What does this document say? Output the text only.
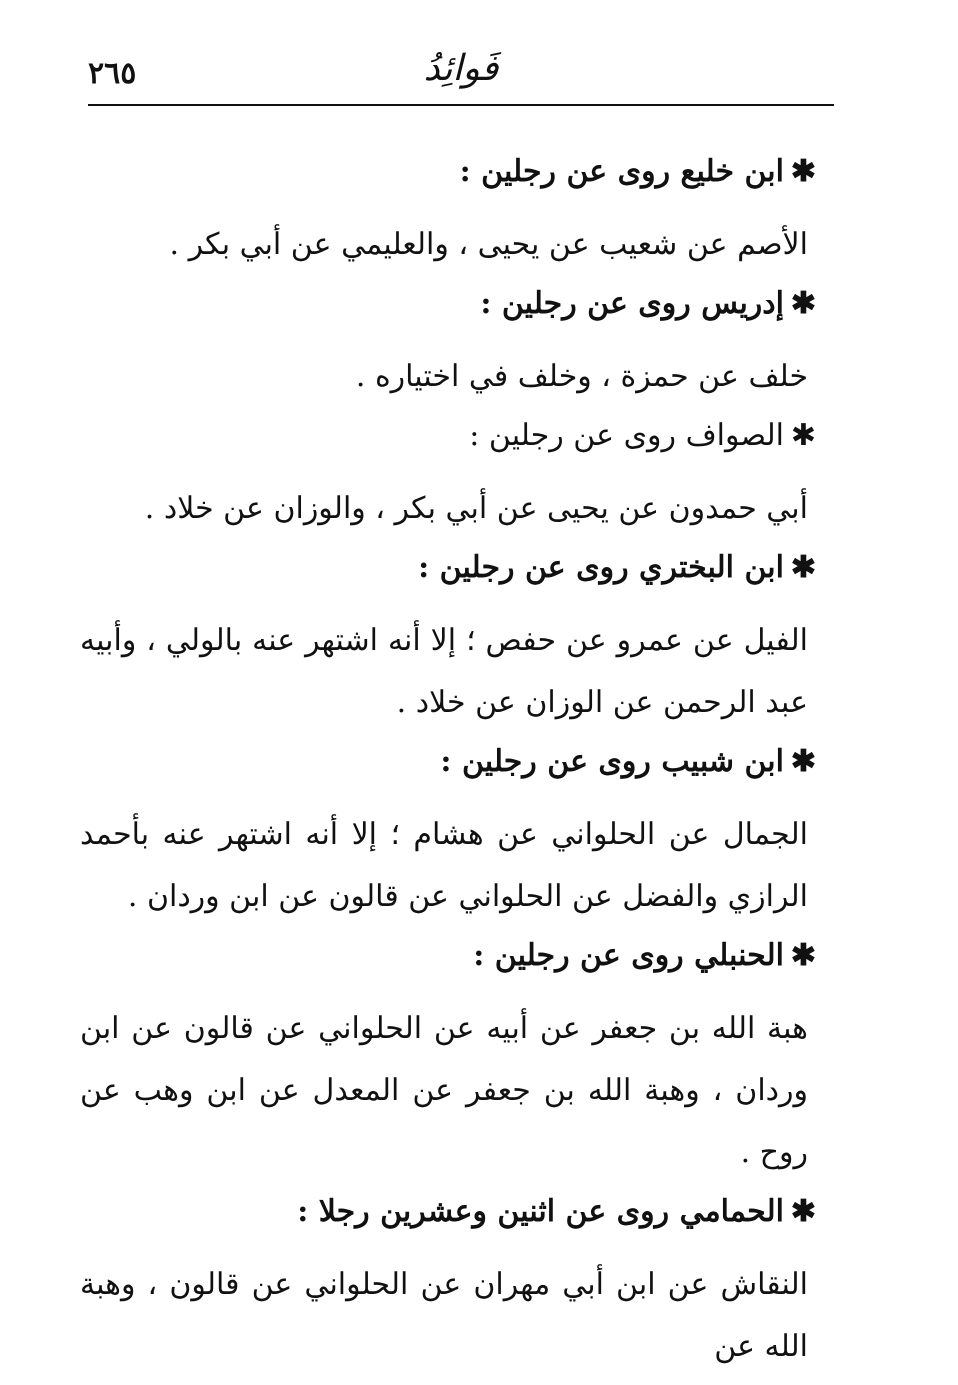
٢٦٥	فَوائِدُ
✱ابن خليع روى عن رجلين :

الأصم عن شعيب عن يحيى ، والعليمي عن أبي بكر .

✱إدريس روى عن رجلين :

خلف عن حمزة ، وخلف في اختياره .

✱الصواف روى عن رجلين :

أبي حمدون عن يحيى عن أبي بكر ، والوزان عن خلاد .

✱ابن البختري روى عن رجلين :

الفيل عن عمرو عن حفص ؛ إلا أنه اشتهر عنه بالولي ، وأبيه عبد الرحمن عن الوزان عن خلاد .

✱ابن شبيب روى عن رجلين :

الجمال عن الحلواني عن هشام ؛ إلا أنه اشتهر عنه بأحمد الرازي والفضل عن الحلواني عن قالون عن ابن وردان .

✱الحنبلي روى عن رجلين :

هبة الله بن جعفر عن أبيه عن الحلواني عن قالون عن ابن وردان ، وهبة الله بن جعفر عن المعدل عن ابن وهب عن روح .

✱الحمامي روى عن اثنين وعشرين رجلا :

النقاش عن ابن أبي مهران عن الحلواني عن قالون ، وهبة الله عن
